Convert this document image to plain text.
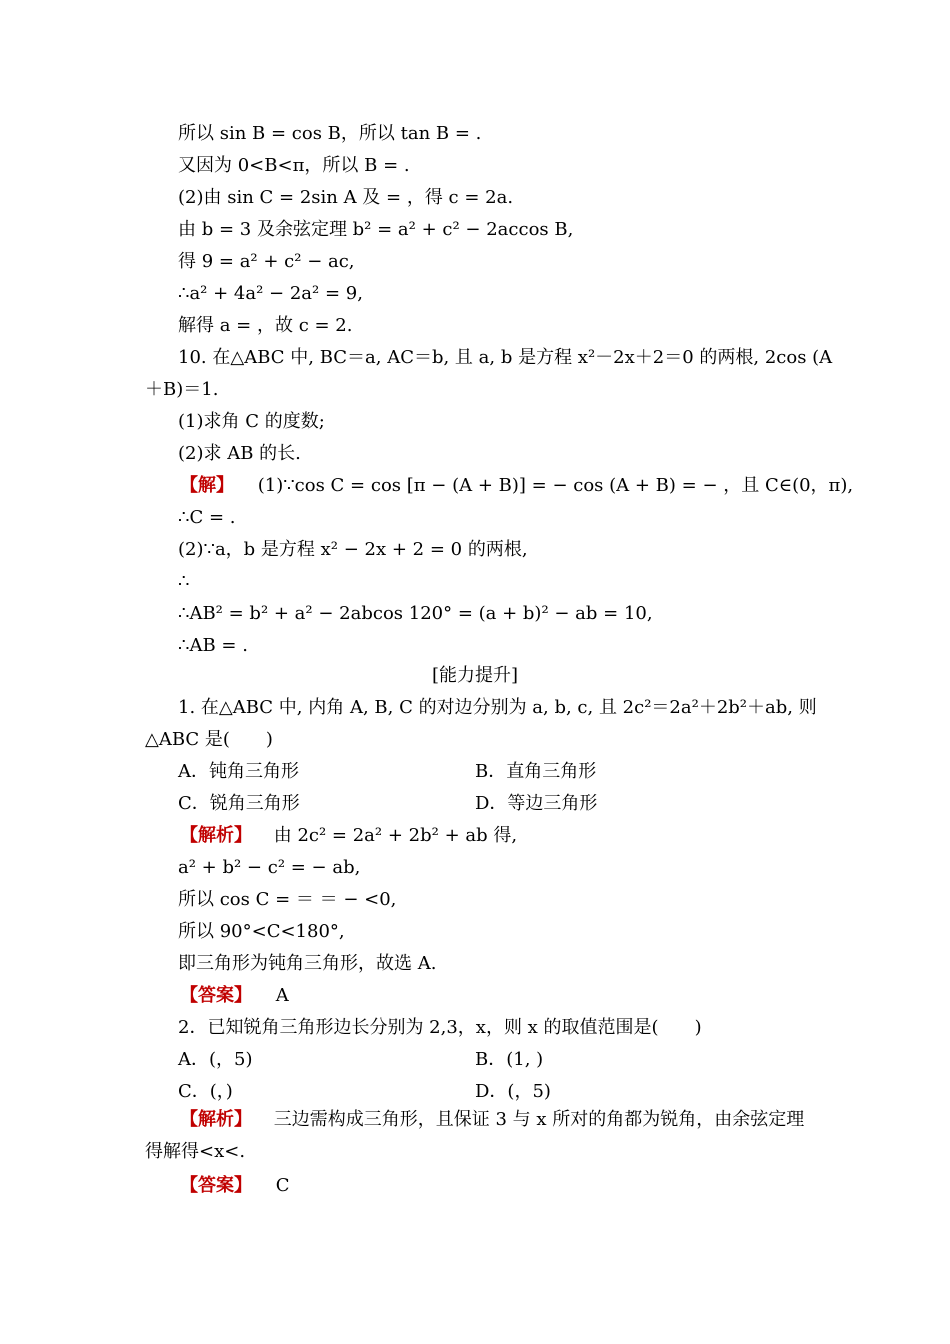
所以 sin B = cos B，所以 tan B = .
又因为 0<B<π，所以 B = .
(2)由 sin C = 2sin A 及 = ，得 c = 2a.
由 b = 3 及余弦定理 b² = a² + c² − 2accos B,
得 9 = a² + c² − ac,
∴a² + 4a² − 2a² = 9,
解得 a = ，故 c = 2.
10. 在△ABC 中, BC＝a, AC＝b, 且 a, b 是方程 x²－2x＋2＝0 的两根, 2cos (A
＋B)＝1.
(1)求角 C 的度数;
(2)求 AB 的长.
【解】 (1)∵cos C = cos [π − (A + B)] = − cos (A + B) = − ，且 C∈(0，π),
∴C = .
(2)∵a，b 是方程 x² − 2x + 2 = 0 的两根,
∴
∴AB² = b² + a² − 2abcos 120° = (a + b)² − ab = 10,
∴AB = .
[能力提升]
1. 在△ABC 中, 内角 A, B, C 的对边分别为 a, b, c, 且 2c²＝2a²＋2b²＋ab, 则
△ABC 是(　　)
A．钝角三角形	B．直角三角形
C．锐角三角形	D．等边三角形
【解析】 由 2c² = 2a² + 2b² + ab 得,
a² + b² − c² = − ab,
所以 cos C = ＝ ＝ − <0,
所以 90°<C<180°,
即三角形为钝角三角形，故选 A.
【答案】 A
2．已知锐角三角形边长分别为 2,3，x，则 x 的取值范围是(　　)
A．(，5)	B．(1, )
C．(，)	D．(，5)
【解析】 三边需构成三角形，且保证 3 与 x 所对的角都为锐角，由余弦定理
得解得<x<.
【答案】 C
